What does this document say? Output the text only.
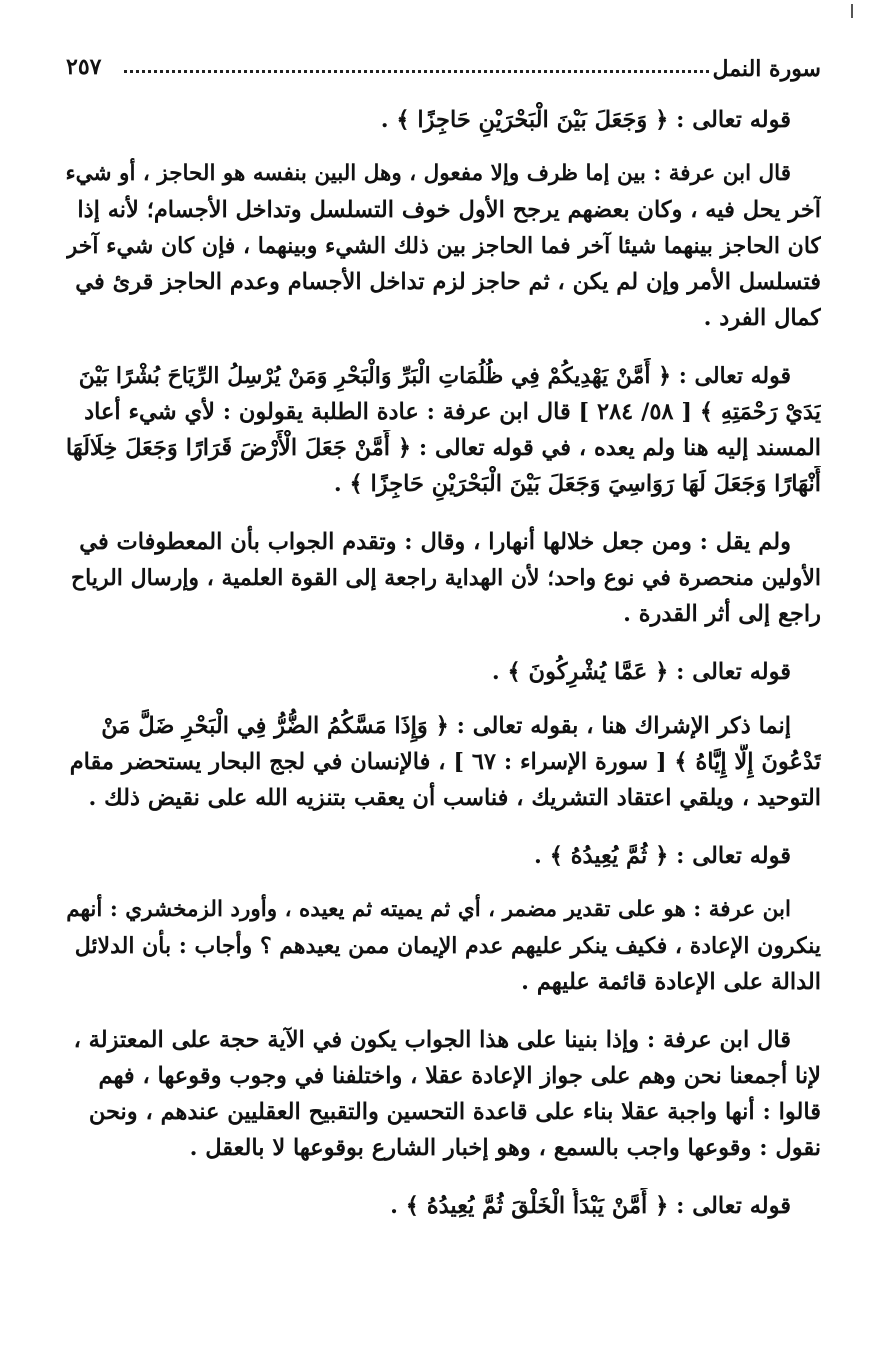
سورة النمل
٢٥٧

قوله تعالى : ﴿ وَجَعَلَ بَيْنَ الْبَحْرَيْنِ حَاجِزًا ﴾ .

قال ابن عرفة : بين إما ظرف وإلا مفعول ، وهل البين بنفسه هو الحاجز ، أو شيء

آخر يحل فيه ، وكان بعضهم يرجح الأول خوف التسلسل وتداخل الأجسام؛ لأنه إذا

كان الحاجز بينهما شيئا آخر فما الحاجز بين ذلك الشيء وبينهما ، فإن كان شيء آخر

فتسلسل الأمر وإن لم يكن ، ثم حاجز لزم تداخل الأجسام وعدم الحاجز قرئ في

كمال الفرد .

قوله تعالى : ﴿ أَمَّنْ يَهْدِيكُمْ فِي ظُلُمَاتِ الْبَرِّ وَالْبَحْرِ وَمَنْ يُرْسِلُ الرِّيَاحَ بُشْرًا بَيْنَ

يَدَيْ رَحْمَتِهِ ﴾ [ ٥٨/ ٢٨٤ ] قال ابن عرفة : عادة الطلبة يقولون : لأي شيء أعاد

المسند إليه هنا ولم يعده ، في قوله تعالى : ﴿ أَمَّنْ جَعَلَ الْأَرْضَ قَرَارًا وَجَعَلَ خِلَالَهَا

أَنْهَارًا وَجَعَلَ لَهَا رَوَاسِيَ وَجَعَلَ بَيْنَ الْبَحْرَيْنِ حَاجِزًا ﴾ .

ولم يقل : ومن جعل خلالها أنهارا ، وقال : وتقدم الجواب بأن المعطوفات في

الأولين منحصرة في نوع واحد؛ لأن الهداية راجعة إلى القوة العلمية ، وإرسال الرياح

راجع إلى أثر القدرة .

قوله تعالى : ﴿ عَمَّا يُشْرِكُونَ ﴾ .

إنما ذكر الإشراك هنا ، بقوله تعالى : ﴿ وَإِذَا مَسَّكُمُ الضُّرُّ فِي الْبَحْرِ ضَلَّ مَنْ

تَدْعُونَ إِلَّا إِيَّاهُ ﴾ [ سورة الإسراء : ٦٧ ] ، فالإنسان في لجج البحار يستحضر مقام

التوحيد ، ويلقي اعتقاد التشريك ، فناسب أن يعقب بتنزيه الله على نقيض ذلك .

قوله تعالى : ﴿ ثُمَّ يُعِيدُهُ ﴾ .

ابن عرفة : هو على تقدير مضمر ، أي ثم يميته ثم يعيده ، وأورد الزمخشري : أنهم

ينكرون الإعادة ، فكيف ينكر عليهم عدم الإيمان ممن يعيدهم ؟ وأجاب : بأن الدلائل

الدالة على الإعادة قائمة عليهم .

قال ابن عرفة : وإذا بنينا على هذا الجواب يكون في الآية حجة على المعتزلة ،

لإنا أجمعنا نحن وهم على جواز الإعادة عقلا ، واختلفنا في وجوب وقوعها ، فهم

قالوا : أنها واجبة عقلا بناء على قاعدة التحسين والتقبيح العقليين عندهم ، ونحن

نقول : وقوعها واجب بالسمع ، وهو إخبار الشارع بوقوعها لا بالعقل .

قوله تعالى : ﴿ أَمَّنْ يَبْدَأُ الْخَلْقَ ثُمَّ يُعِيدُهُ ﴾ .
